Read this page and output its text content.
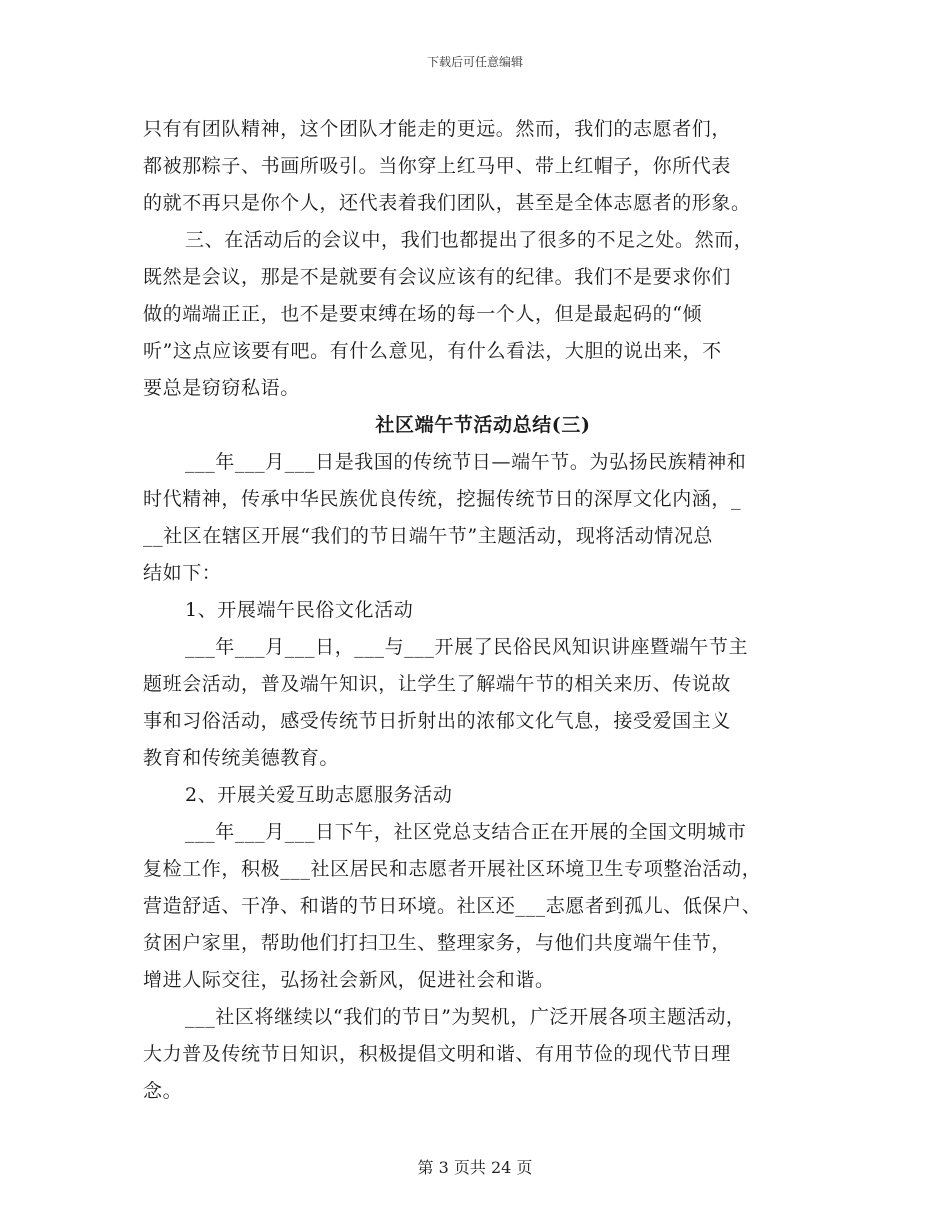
下载后可任意编辑
只有有团队精神，这个团队才能走的更远。然而，我们的志愿者们，
都被那粽子、书画所吸引。当你穿上红马甲、带上红帽子，你所代表
的就不再只是你个人，还代表着我们团队，甚至是全体志愿者的形象。
三、在活动后的会议中，我们也都提出了很多的不足之处。然而，
既然是会议，那是不是就要有会议应该有的纪律。我们不是要求你们
做的端端正正，也不是要束缚在场的每一个人，但是最起码的“倾
听”这点应该要有吧。有什么意见，有什么看法，大胆的说出来，不
要总是窃窃私语。
社区端午节活动总结(三)
___年___月___日是我国的传统节日—端午节。为弘扬民族精神和
时代精神，传承中华民族优良传统，挖掘传统节日的深厚文化内涵，_
__社区在辖区开展“我们的节日端午节”主题活动，现将活动情况总
结如下：
1、开展端午民俗文化活动
___年___月___日，___与___开展了民俗民风知识讲座暨端午节主
题班会活动，普及端午知识，让学生了解端午节的相关来历、传说故
事和习俗活动，感受传统节日折射出的浓郁文化气息，接受爱国主义
教育和传统美德教育。
2、开展关爱互助志愿服务活动
___年___月___日下午，社区党总支结合正在开展的全国文明城市
复检工作，积极___社区居民和志愿者开展社区环境卫生专项整治活动，
营造舒适、干净、和谐的节日环境。社区还___志愿者到孤儿、低保户、
贫困户家里，帮助他们打扫卫生、整理家务，与他们共度端午佳节，
增进人际交往，弘扬社会新风，促进社会和谐。
___社区将继续以“我们的节日”为契机，广泛开展各项主题活动，
大力普及传统节日知识，积极提倡文明和谐、有用节俭的现代节日理
念。
第 3 页共 24 页
